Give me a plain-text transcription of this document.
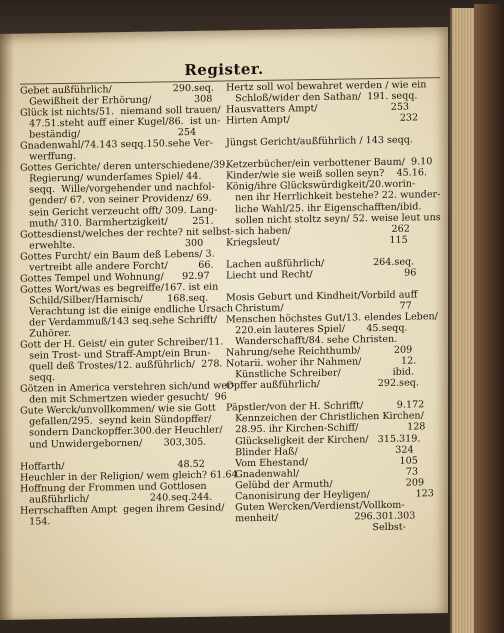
Register.
Gebet außführlich/                    290.seq.
Gewißheit der Erhörung/              308
Glück ist nichts/51.  niemand soll trauen/
47.51.steht auff einer Kugel/86.  ist un-
beständig/                                254
Gnadenwahl/74.143 seqq.150.sehe Ver-
werffung.
Gottes Gerichte/ deren unterschiedene/39.
Regierung/ wunderſames Spiel/ 44.
seqq.  Wille/vorgehender und nachfol-
gender/ 67. von seiner Providenz/ 69.
sein Gericht verzeucht offt/ 309. Lang-
muth/ 310. Barmhertzigkeit/        251.
Gottesdienst/welches der rechte? nit selbst-
erwehlte.                                    300
Gottes Furcht/ ein Baum deß Lebens/ 3.
vertreibt alle andere Forcht/          66.
Gottes Tempel und Wohnung/      92.97
Gottes Wort/was es begreiffe/167. ist ein
Schild/Silber/Harnisch/        168.seq.
Verachtung ist die einige endliche Ursach
der Verdammuß/143 seq.sehe Schrifft/
Zuhörer.
Gott der H. Geist/ ein guter Schreiber/11.
sein Trost- und Straff-Ampt/ein Brun-
quell deß Trostes/12. außführlich/  278.
seqq.
Götzen in America verstehren sich/und wer-
den mit Schmertzen wieder gesucht/  96
Gute Werck/unvollkommen/ wie sie Gott
gefallen/295.  seynd kein Sündopffer/
sondern Danckopffer.300.der Heuchler/
und Unwidergebornen/       303,305.
Hoffarth/                                     48.52
Heuchler in der Religion/ wem gleich? 61.64
Hoffnung der Frommen und Gottlosen
außführlich/                    240.seq.244.
Herrschafften Ampt  gegen ihrem Gesind/
154.
Hertz soll wol bewahret werden / wie ein
Schloß/wider den Sathan/  191. seqq.
Hausvatters Ampt/                        253
Hirten Ampt/                                    232
Jüngst Gericht/außführlich / 143 seqq.
Ketzerbücher/ein verbottener Baum/  9.10
Kinder/wie sie weiß sollen seyn?    45.16.
König/ihre Glückswürdigkeit/20.worin-
nen ihr Herrlichkeit bestehe? 22. wunder-
liche Wahl/25. ihr Eigenschafften/ibid.
sollen nicht stoltz seyn/ 52. weise leut uns
sich haben/                                 262
Kriegsleut/                                    115
Lachen außführlich/                264.seq.
Liecht und Recht/                              96
Mosis Geburt und Kindheit/Vorbild auff
Christum/                                      77
Menschen höchstes Gut/13. elendes Leben/
220.ein lauteres Spiel/       45.seqq.
Wanderschafft/84. sehe Christen.
Nahrung/sehe Reichthumb/           209
Notarii. woher ihr Nahmen/             12.
Künstliche Schreiber/                 ibid.
Opffer außführlich/                   292.seq.
Päpstler/von der H. Schrifft/           9.172
Kennzeichen der Christlichen Kirchen/
28.95. ihr Kirchen-Schiff/                128
Glückseligkeit der Kirchen/   315.319.
Blinder Haß/                                324
Vom Ehestand/                              105
Gnadenwahl/                                   73
Gelübd der Armuth/                        209
Canonisirung der Heyligen/               123
Guten Wercken/Verdienst/Vollkom-
menheit/                         296.301.303
Selbst-
